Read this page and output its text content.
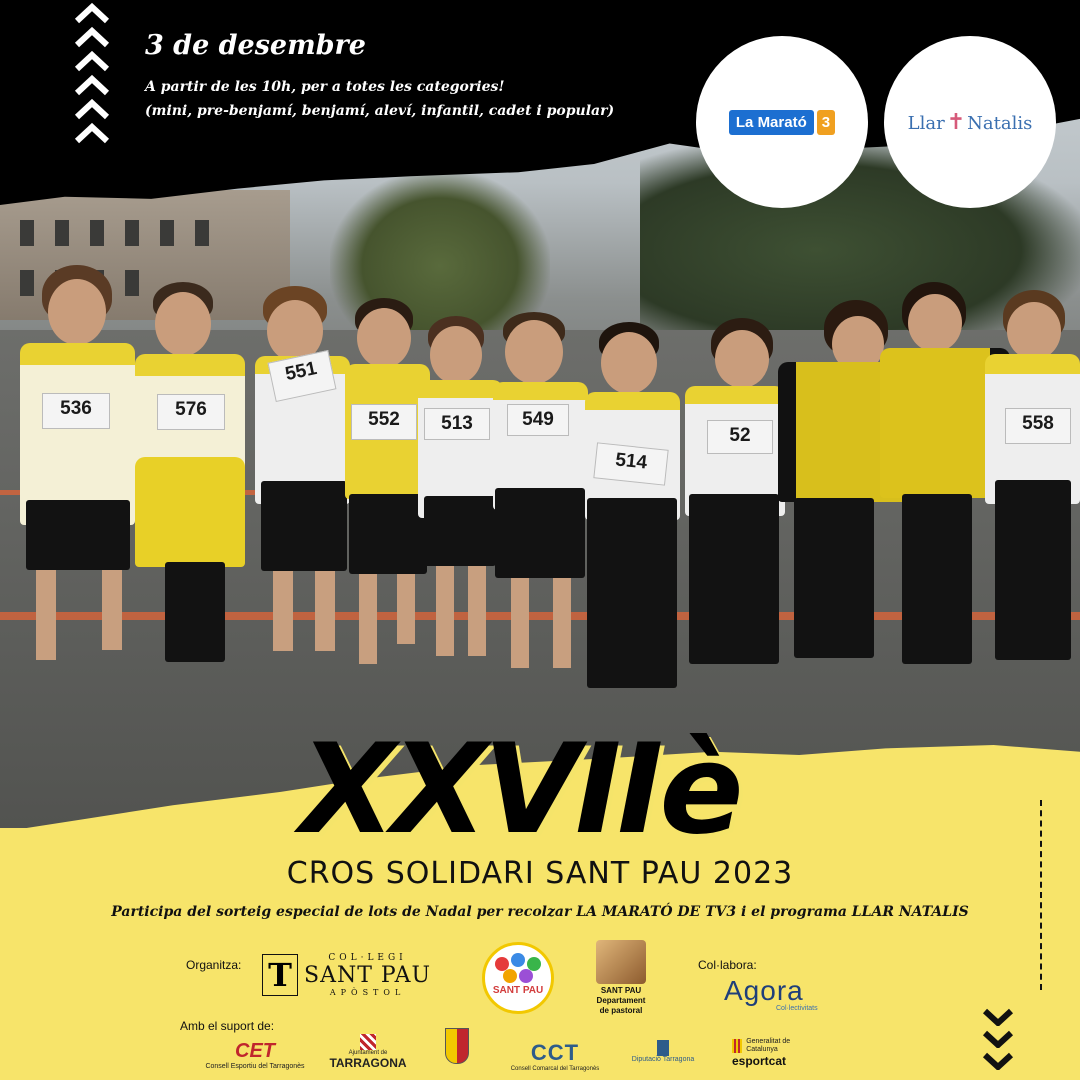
536	576
551
552	513	549
514
52
558
3 de desembre
A partir de les 10h, per a totes les categories!
(mini, pre-benjamí, benjamí, aleví, infantil, cadet i popular)
La Marató	3	Llar✝ Natalis
XXVIIè
CROS SOLIDARI SANT PAU 2023
Participa del sorteig especial de lots de Nadal per recolzar LA MARATÓ DE TV3 i el programa LLAR NATALIS
Organitza:	Col·labora:
Amb el suport de:
T	COL·LEGI
SANT PAU
APÒSTOL	SANT PAU	SANT PAU
Departament
de pastoral
Agora
Col·lectivitats
CET
Consell Esportiu del Tarragonès
Ajuntament de
TARRAGONA	CCT
Consell Comarcal del Tarragonès
Diputació Tarragona
Generalitat de Catalunya
esportcat
